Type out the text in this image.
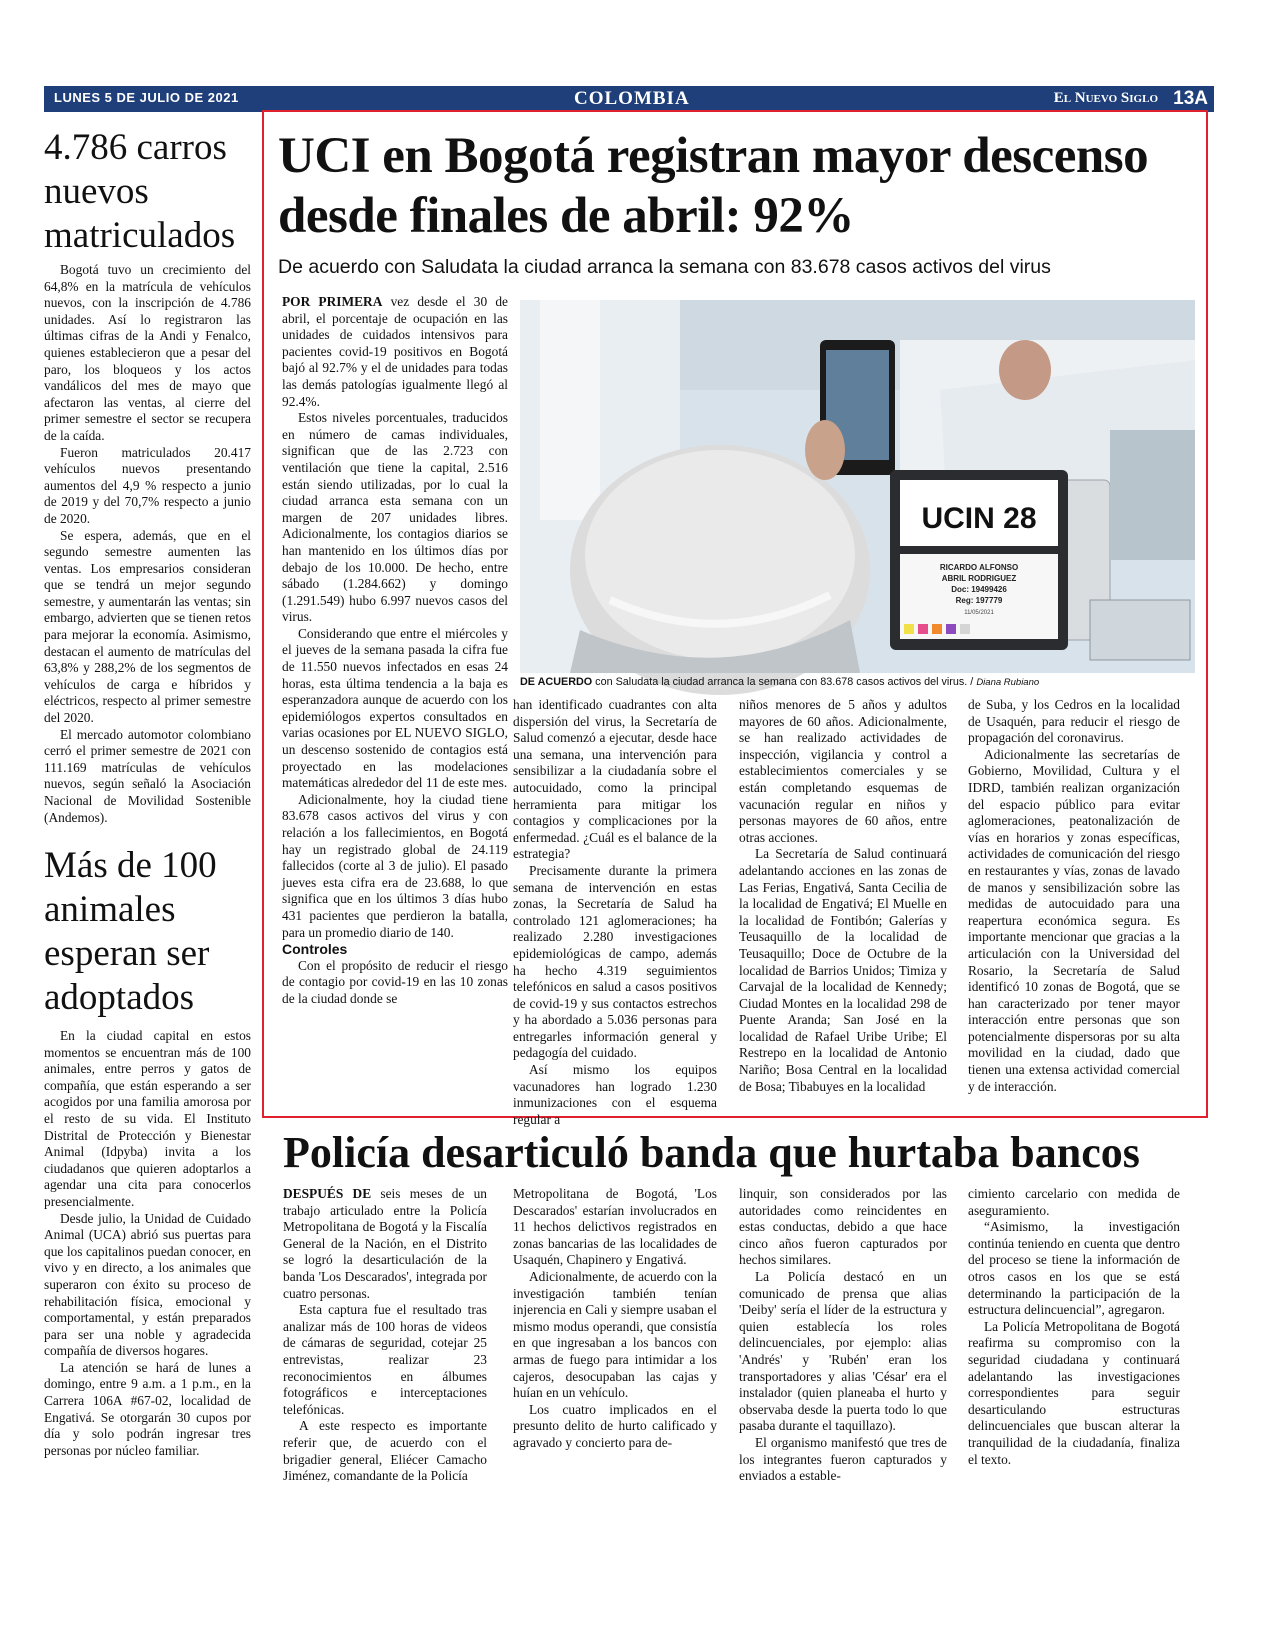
LUNES 5 DE JULIO DE 2021	COLOMBIA	El Nuevo Siglo 13A
4.786 carros nuevos matriculados

Bogotá tuvo un crecimiento del 64,8% en la matrícula de vehículos nuevos, con la inscripción de 4.786 unidades. Así lo registraron las últimas cifras de la Andi y Fenalco, quienes establecieron que a pesar del paro, los bloqueos y los actos vandálicos del mes de mayo que afectaron las ventas, al cierre del primer semestre el sector se recupera de la caída.

Fueron matriculados 20.417 vehículos nuevos presentando aumentos del 4,9 % respecto a junio de 2019 y del 70,7% respecto a junio de 2020.

Se espera, además, que en el segundo semestre aumenten las ventas. Los empresarios consideran que se tendrá un mejor segundo semestre, y aumentarán las ventas; sin embargo, advierten que se tienen retos para mejorar la economía. Asimismo, destacan el aumento de matrículas del 63,8% y 288,2% de los segmentos de vehículos de carga e híbridos y eléctricos, respecto al primer semestre del 2020.

El mercado automotor colombiano cerró el primer semestre de 2021 con 111.169 matrículas de vehículos nuevos, según señaló la Asociación Nacional de Movilidad Sostenible (Andemos).

Más de 100 animales esperan ser adoptados

En la ciudad capital en estos momentos se encuentran más de 100 animales, entre perros y gatos de compañía, que están esperando a ser acogidos por una familia amorosa por el resto de su vida. El Instituto Distrital de Protección y Bienestar Animal (Idpyba) invita a los ciudadanos que quieren adoptarlos a agendar una cita para conocerlos presencialmente.

Desde julio, la Unidad de Cuidado Animal (UCA) abrió sus puertas para que los capitalinos puedan conocer, en vivo y en directo, a los animales que superaron con éxito su proceso de rehabilitación física, emocional y comportamental, y están preparados para ser una noble y agradecida compañía de diversos hogares.

La atención se hará de lunes a domingo, entre 9 a.m. a 1 p.m., en la Carrera 106A #67-02, localidad de Engativá. Se otorgarán 30 cupos por día y solo podrán ingresar tres personas por núcleo familiar.

UCI en Bogotá registran mayor descenso desde finales de abril: 92%
De acuerdo con Saludata la ciudad arranca la semana con 83.678 casos activos del virus

POR PRIMERA vez desde el 30 de abril, el porcentaje de ocupación en las unidades de cuidados intensivos para pacientes covid-19 positivos en Bogotá bajó al 92.7% y el de unidades para todas las demás patologías igualmente llegó al 92.4%.

Estos niveles porcentuales, traducidos en número de camas individuales, significan que de las 2.723 con ventilación que tiene la capital, 2.516 están siendo utilizadas, por lo cual la ciudad arranca esta semana con un margen de 207 unidades libres. Adicionalmente, los contagios diarios se han mantenido en los últimos días por debajo de los 10.000. De hecho, entre sábado (1.284.662) y domingo (1.291.549) hubo 6.997 nuevos casos del virus.

Considerando que entre el miércoles y el jueves de la semana pasada la cifra fue de 11.550 nuevos infectados en esas 24 horas, esta última tendencia a la baja es esperanzadora aunque de acuerdo con los epidemiólogos expertos consultados en varias ocasiones por EL NUEVO SIGLO, un descenso sostenido de contagios está proyectado en las modelaciones matemáticas alrededor del 11 de este mes.

Adicionalmente, hoy la ciudad tiene 83.678 casos activos del virus y con relación a los fallecimientos, en Bogotá hay un registrado global de 24.119 fallecidos (corte al 3 de julio). El pasado jueves esta cifra era de 23.688, lo que significa que en los últimos 3 días hubo 431 pacientes que perdieron la batalla, para un promedio diario de 140.

Controles

Con el propósito de reducir el riesgo de contagio por covid-19 en las 10 zonas de la ciudad donde se

UCIN 28
RICARDO ALFONSO
ABRIL RODRIGUEZ
Doc: 19499426
Reg: 197779
11/05/2021
DE ACUERDO con Saludata la ciudad arranca la semana con 83.678 casos activos del virus. / Diana Rubiano

han identificado cuadrantes con alta dispersión del virus, la Secretaría de Salud comenzó a ejecutar, desde hace una semana, una intervención para sensibilizar a la ciudadanía sobre el autocuidado, como la principal herramienta para mitigar los contagios y complicaciones por la enfermedad. ¿Cuál es el balance de la estrategia?

Precisamente durante la primera semana de intervención en estas zonas, la Secretaría de Salud ha controlado 121 aglomeraciones; ha realizado 2.280 investigaciones epidemiológicas de campo, además ha hecho 4.319 seguimientos telefónicos en salud a casos positivos de covid-19 y sus contactos estrechos y ha abordado a 5.036 personas para entregarles información general y pedagogía del cuidado.

Así mismo los equipos vacunadores han logrado 1.230 inmunizaciones con el esquema regular a

niños menores de 5 años y adultos mayores de 60 años. Adicionalmente, se han realizado actividades de inspección, vigilancia y control a establecimientos comerciales y se están completando esquemas de vacunación regular en niños y personas mayores de 60 años, entre otras acciones.

La Secretaría de Salud continuará adelantando acciones en las zonas de Las Ferias, Engativá, Santa Cecilia de la localidad de Engativá; El Muelle en la localidad de Fontibón; Galerías y Teusaquillo de la localidad de Teusaquillo; Doce de Octubre de la localidad de Barrios Unidos; Timiza y Carvajal de la localidad de Kennedy; Ciudad Montes en la localidad 298 de Puente Aranda; San José en la localidad de Rafael Uribe Uribe; El Restrepo en la localidad de Antonio Nariño; Bosa Central en la localidad de Bosa; Tibabuyes en la localidad

de Suba, y los Cedros en la localidad de Usaquén, para reducir el riesgo de propagación del coronavirus.

Adicionalmente las secretarías de Gobierno, Movilidad, Cultura y el IDRD, también realizan organización del espacio público para evitar aglomeraciones, peatonalización de vías en horarios y zonas específicas, actividades de comunicación del riesgo en restaurantes y vías, zonas de lavado de manos y sensibilización sobre las medidas de autocuidado para una reapertura económica segura. Es importante mencionar que gracias a la articulación con la Universidad del Rosario, la Secretaría de Salud identificó 10 zonas de Bogotá, que se han caracterizado por tener mayor interacción entre personas que son potencialmente dispersoras por su alta movilidad en la ciudad, dado que tienen una extensa actividad comercial y de interacción.

Policía desarticuló banda que hurtaba bancos

DESPUÉS DE seis meses de un trabajo articulado entre la Policía Metropolitana de Bogotá y la Fiscalía General de la Nación, en el Distrito se logró la desarticulación de la banda 'Los Descarados', integrada por cuatro personas.

Esta captura fue el resultado tras analizar más de 100 horas de videos de cámaras de seguridad, cotejar 25 entrevistas, realizar 23 reconocimientos en álbumes fotográficos e interceptaciones telefónicas.

A este respecto es importante referir que, de acuerdo con el brigadier general, Eliécer Camacho Jiménez, comandante de la Policía

Metropolitana de Bogotá, 'Los Descarados' estarían involucrados en 11 hechos delictivos registrados en zonas bancarias de las localidades de Usaquén, Chapinero y Engativá.

Adicionalmente, de acuerdo con la investigación también tenían injerencia en Cali y siempre usaban el mismo modus operandi, que consistía en que ingresaban a los bancos con armas de fuego para intimidar a los cajeros, desocupaban las cajas y huían en un vehículo.

Los cuatro implicados en el presunto delito de hurto calificado y agravado y concierto para de-

linquir, son considerados por las autoridades como reincidentes en estas conductas, debido a que hace cinco años fueron capturados por hechos similares.

La Policía destacó en un comunicado de prensa que alias 'Deiby' sería el líder de la estructura y quien establecía los roles delincuenciales, por ejemplo: alias 'Andrés' y 'Rubén' eran los transportadores y alias 'César' era el instalador (quien planeaba el hurto y observaba desde la puerta todo lo que pasaba durante el taquillazo).

El organismo manifestó que tres de los integrantes fueron capturados y enviados a estable-

cimiento carcelario con medida de aseguramiento.

“Asimismo, la investigación continúa teniendo en cuenta que dentro del proceso se tiene la información de otros casos en los que se está determinando la participación de la estructura delincuencial”, agregaron.

La Policía Metropolitana de Bogotá reafirma su compromiso con la seguridad ciudadana y continuará adelantando las investigaciones correspondientes para seguir desarticulando estructuras delincuenciales que buscan alterar la tranquilidad de la ciudadanía, finaliza el texto.
